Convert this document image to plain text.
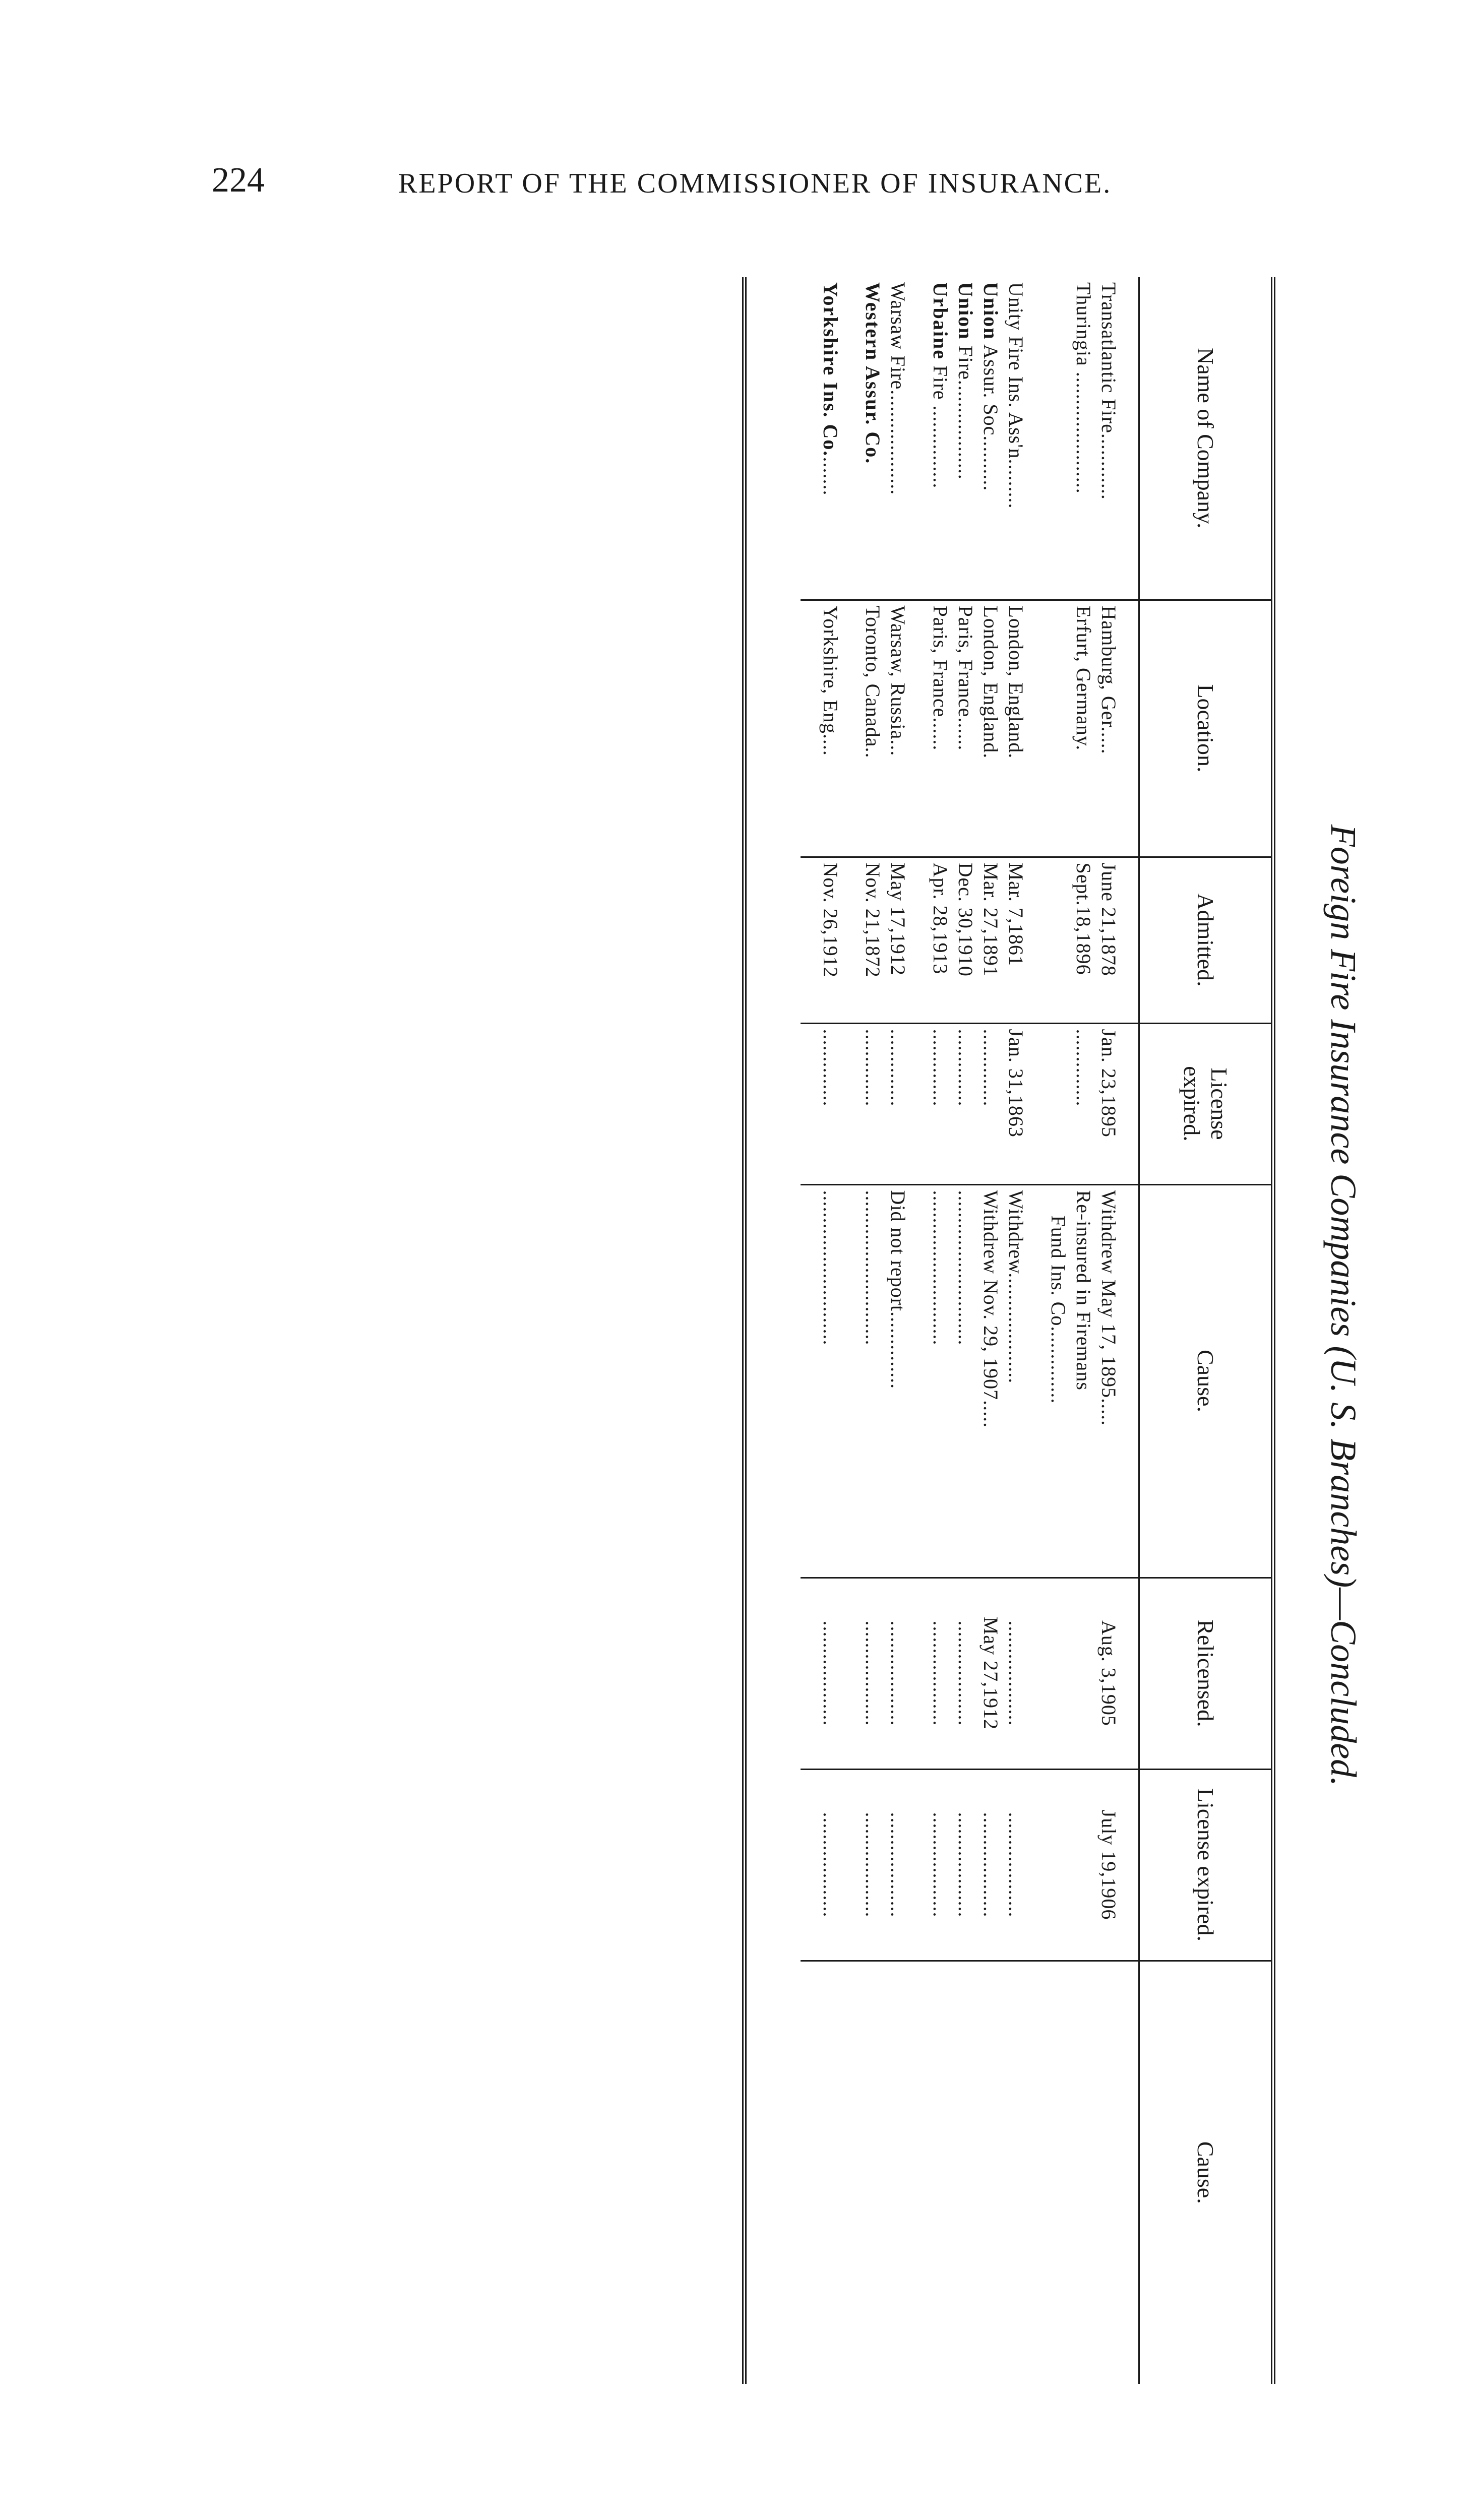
224	REPORT OF THE COMMISSIONER OF INSURANCE.
Foreign Fire Insurance Companies (U. S. Branches)—Concluded.
Name of Company.	Location.	Admitted.	License expired.	Cause.	Relicensed.	License expired.	Cause.

Transatlantic Fire............	Hamburg, Ger.....	June 21,1878	Jan. 23,1895	Withdrew May 17, 1895.....	Aug. 3,1905	July 19,1906	
Thuringia ......................	Erfurt, Germany.	Sept.18,1896	..............	Re-insured in Firemans			
				Fund Ins. Co..............			

Unity Fire Ins. Ass'n.........	London, England.	Mar. 7,1861	Jan. 31,1863	Withdrew....................	...................	...................	
Union Assur. Soc..........	London, England.	Mar. 27,1891	..............	Withdrew Nov. 29, 1907.....	May 27,1912	...................	
Union Fire..................	Paris, France......	Dec. 30,1910	..............	............................	...................	...................	
Urbaine Fire ...............	Paris, France......	Apr. 28,1913	..............	............................	...................	...................	

Warsaw Fire...................	Warsaw, Russia...	May 17,1912	..............	Did not report..............	...................	...................	
Western Assur. Co.	Toronto, Canada..	Nov. 21,1872	..............	............................	...................	...................	

Yorkshire Ins. Co........	Yorkshire, Eng....	Nov. 26,1912	..............	............................	...................	...................	
